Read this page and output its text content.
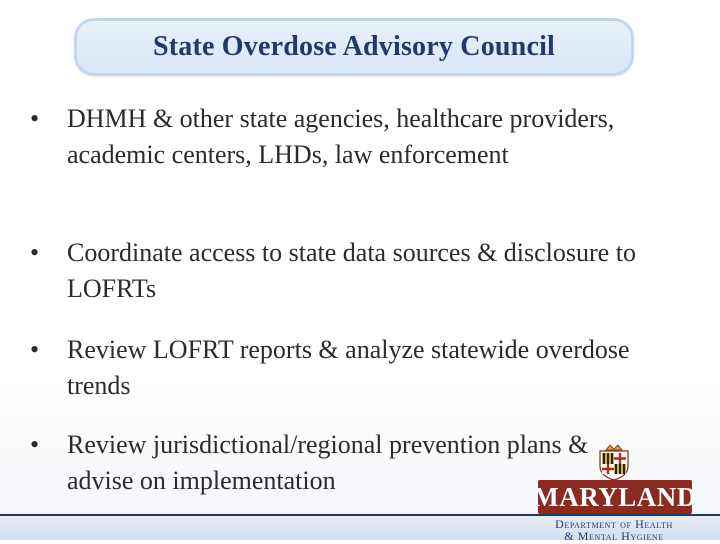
State Overdose Advisory Council
•	DHMH & other state agencies, healthcare providers, academic centers, LHDs, law enforcement
•	Coordinate access to state data sources & disclosure to LOFRTs
•	Review LOFRT reports & analyze statewide overdose trends
•	Review jurisdictional/regional prevention plans & advise on implementation
MARYLAND
Department of Health
& Mental Hygiene
